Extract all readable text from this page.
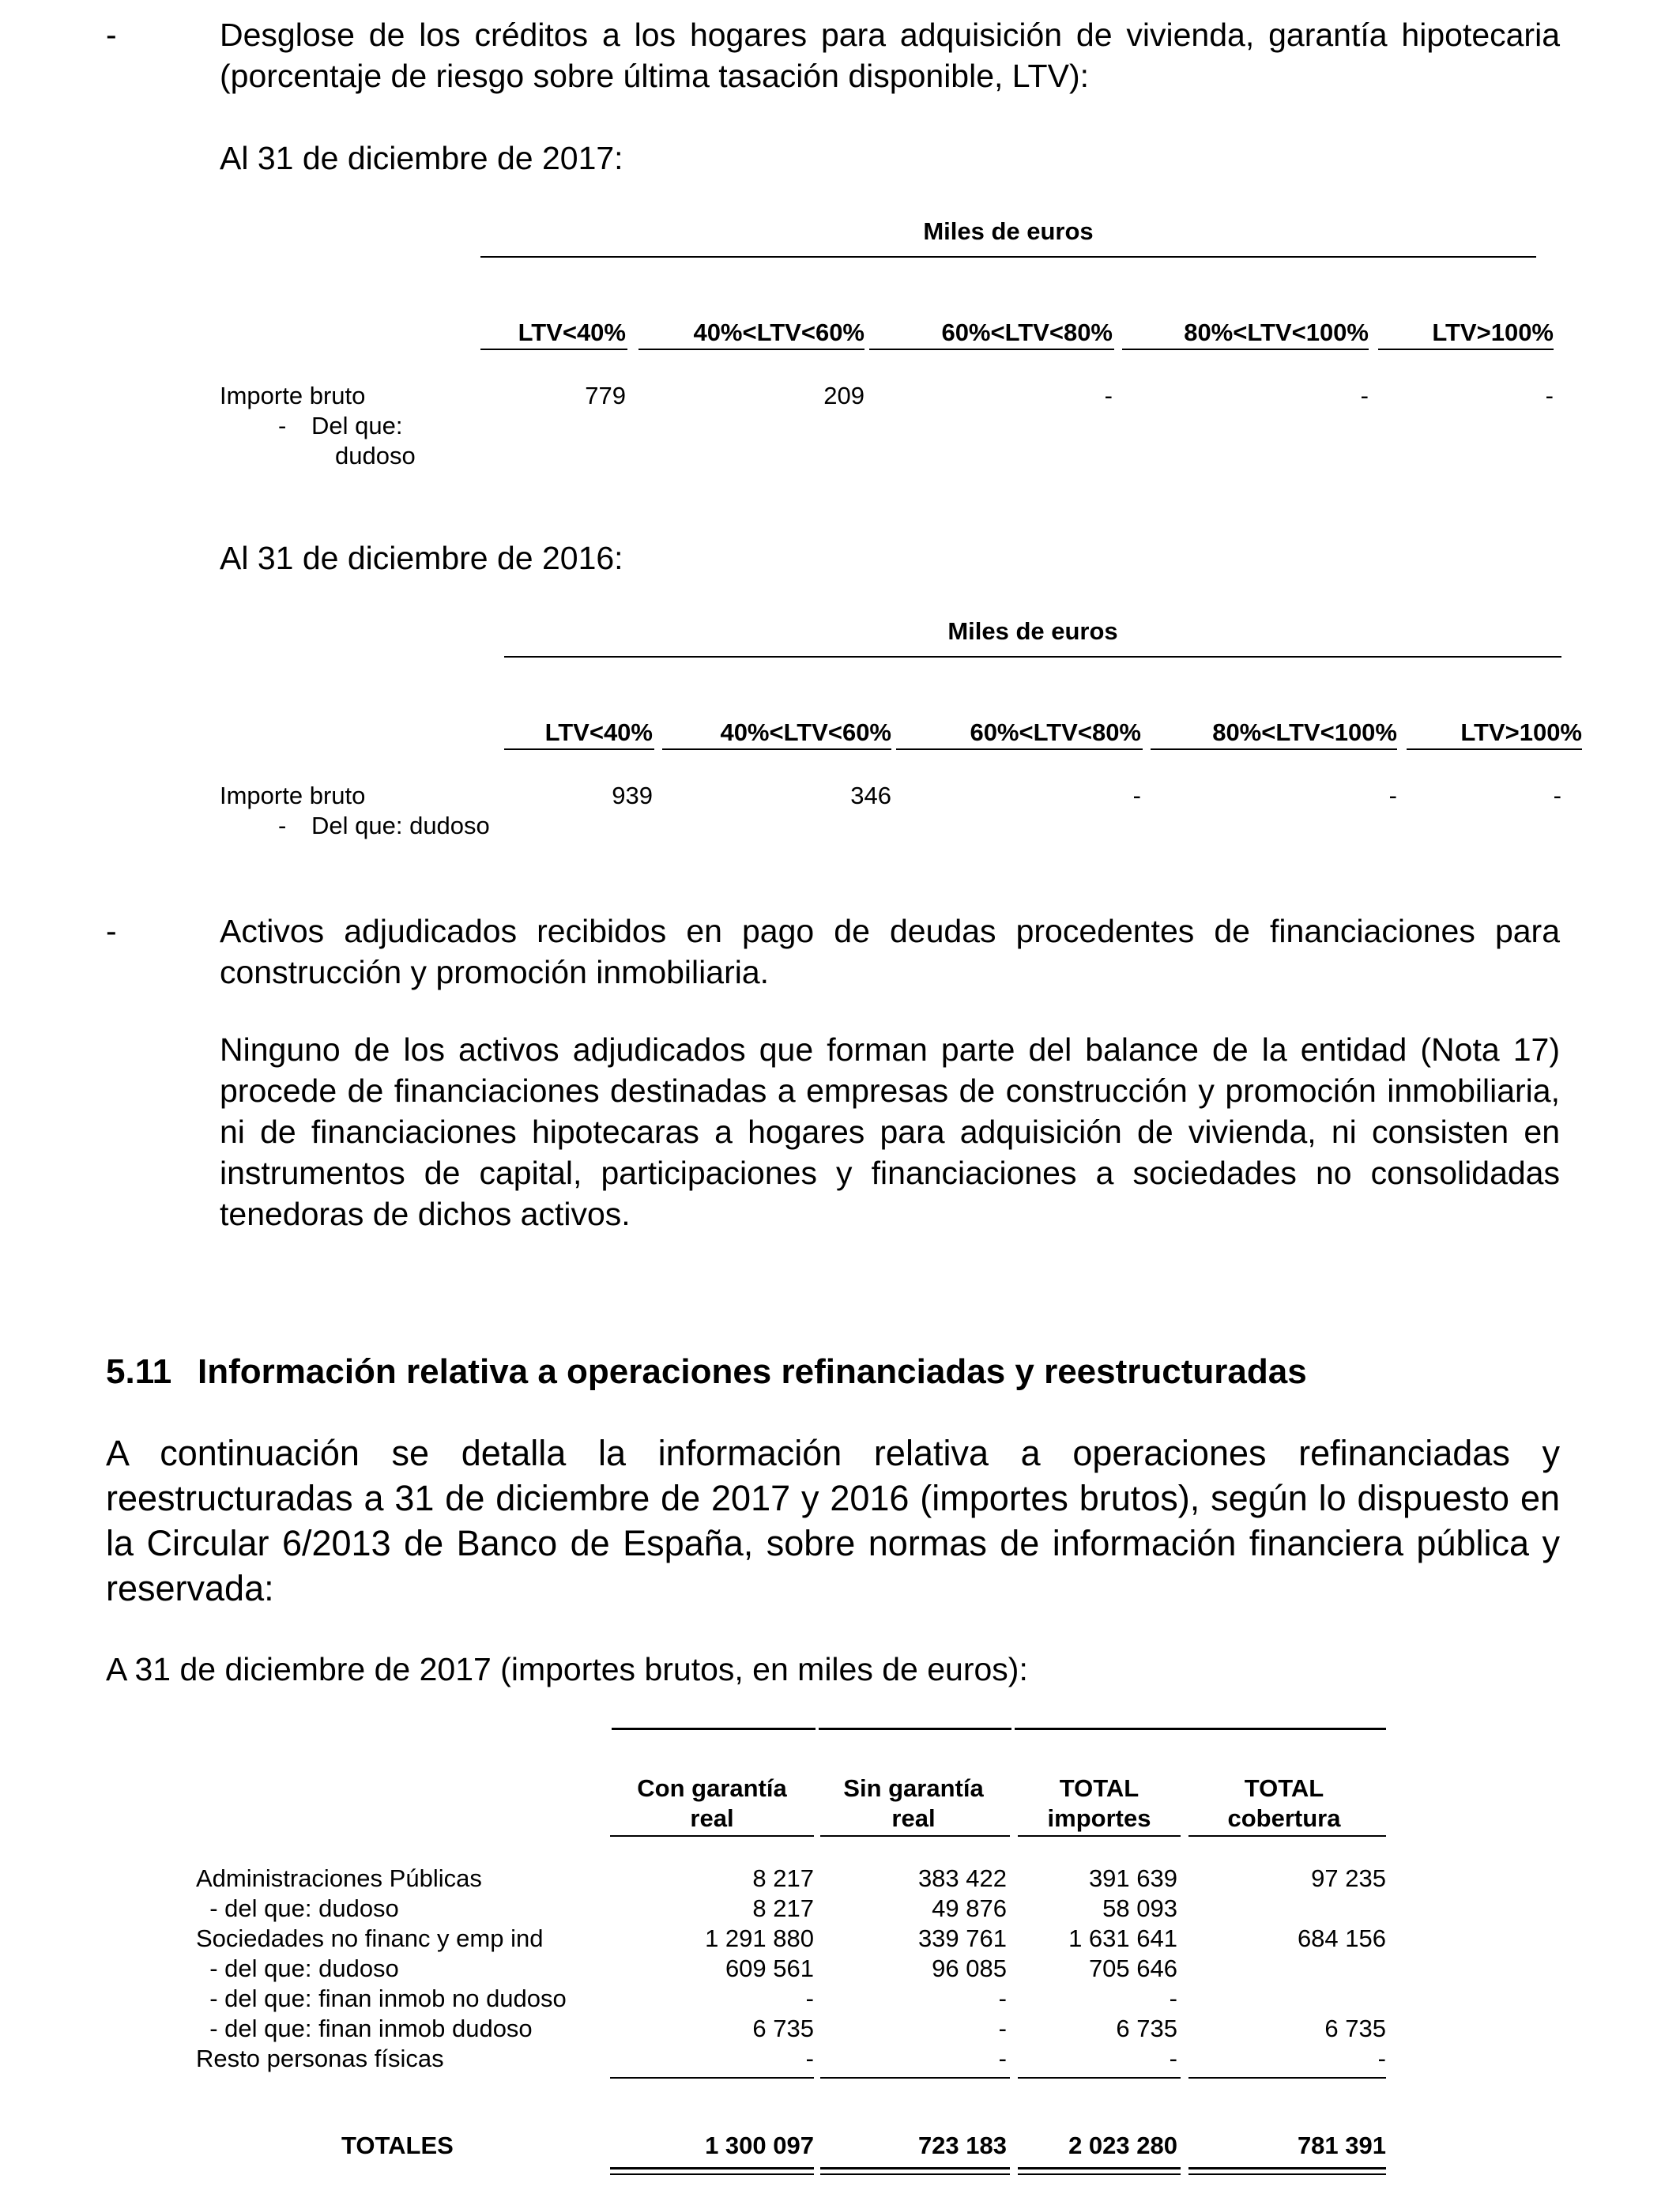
-	Desglose de los créditos a los hogares para adquisición de vivienda, garantía hipotecaria (porcentaje de riesgo sobre última tasación disponible, LTV):
Al 31 de diciembre de 2017:
Miles de euros
LTV<40%	40%<LTV<60%	60%<LTV<80%	80%<LTV<100%	LTV>100%
Importe bruto	779	209	-	-	-
- Del que:
dudoso
Al 31 de diciembre de 2016:
Miles de euros
LTV<40%	40%<LTV<60%	60%<LTV<80%	80%<LTV<100%	LTV>100%
Importe bruto	939	346	-	-	-
- Del que: dudoso
-	Activos adjudicados recibidos en pago de deudas procedentes de financiaciones para construcción y promoción inmobiliaria.
Ninguno de los activos adjudicados que forman parte del balance de la entidad (Nota 17) procede de financiaciones destinadas a empresas de construcción y promoción inmobiliaria, ni de financiaciones hipotecaras a hogares para adquisición de vivienda, ni consisten en instrumentos de capital, participaciones y financiaciones a sociedades no consolidadas tenedoras de dichos activos.
5.11 Información relativa a operaciones refinanciadas y reestructuradas
A continuación se detalla la información relativa a operaciones refinanciadas y reestructuradas a 31 de diciembre de 2017 y 2016 (importes brutos), según lo dispuesto en la Circular 6/2013 de Banco de España, sobre normas de información financiera pública y reservada:
A 31 de diciembre de 2017 (importes brutos, en miles de euros):
Con garantía
real
Sin garantía
real
TOTAL
importes
TOTAL
cobertura
Administraciones Públicas	8 217	383 422	391 639	97 235
- del que: dudoso	8 217	49 876	58 093
Sociedades no financ y emp ind	1 291 880	339 761	1 631 641	684 156
- del que: dudoso	609 561	96 085	705 646
- del que: finan inmob no dudoso	-	-	-
- del que: finan inmob dudoso	6 735	-	6 735	6 735
Resto personas físicas	-	-	-	-
TOTALES	1 300 097	723 183	2 023 280	781 391
